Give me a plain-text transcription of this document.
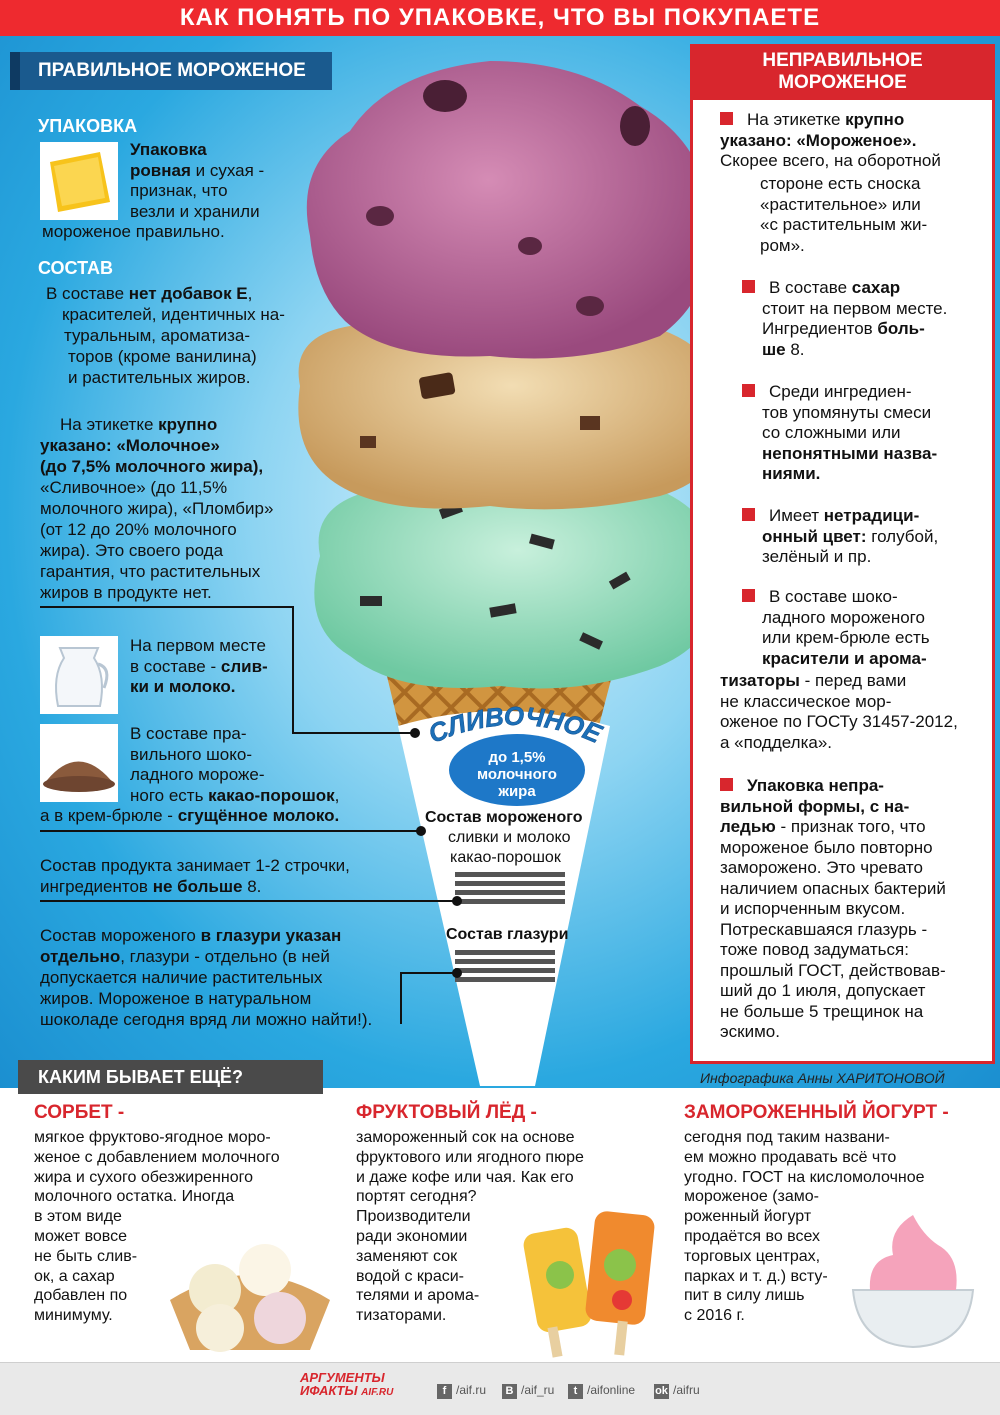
КАК ПОНЯТЬ ПО УПАКОВКЕ, ЧТО ВЫ ПОКУПАЕТЕ
СЛИВОЧНОЕ
до 1,5%
молочного
жира
Состав мороженого
сливки и молоко
какао-порошок
Состав глазури
ПРАВИЛЬНОЕ МОРОЖЕНОЕ
УПАКОВКА
Упаковка
ровная и сухая -
признак, что
везли и хранили
мороженое правильно.
СОСТАВ
В составе нет добавок Е,
красителей, идентичных на-
туральным, ароматиза-
торов (кроме ванилина)
и растительных жиров.
На этикетке крупно
указано: «Молочное»
(до 7,5% молочного жира),
«Сливочное» (до 11,5%
молочного жира), «Пломбир»
(от 12 до 20% молочного
жира). Это своего рода
гарантия, что растительных
жиров в продукте нет.
На первом месте
в составе - слив-
ки и молоко.
В составе пра-
вильного шоко-
ладного мороже-
ного есть какао-порошок,
а в крем-брюле - сгущённое молоко.
Состав продукта занимает 1-2 строчки,
ингредиентов не больше 8.
Состав мороженого в глазури указан
отдельно, глазури - отдельно (в ней
допускается наличие растительных
жиров. Мороженое в натуральном
шоколаде сегодня вряд ли можно найти!).
НЕПРАВИЛЬНОЕ
МОРОЖЕНОЕ
На этикетке крупно
указано: «Мороженое».
Скорее всего, на оборотной
стороне есть сноска
«растительное» или
«с растительным жи-
ром».
В составе сахар
стоит на первом месте.
Ингредиентов боль-
ше 8.
Среди ингредиен-
тов упомянуты смеси
со сложными или
непонятными назва-
ниями.
Имеет нетрадици-
онный цвет: голубой,
зелёный и пр.
В составе шоко-
ладного мороженого
или крем-брюле есть
красители и арома-
тизаторы - перед вами
не классическое мор-
оженое по ГОСТу 31457-2012,
а «подделка».
Упаковка непра-
вильной формы, с на-
ледью - признак того, что
мороженое было повторно
заморожено. Это чревато
наличием опасных бактерий
и испорченным вкусом.
Потрескавшаяся глазурь -
тоже повод задуматься:
прошлый ГОСТ, действовав-
ший до 1 июля, допускает
не больше 5 трещинок на
эскимо.
КАКИМ БЫВАЕТ ЕЩЁ?	Инфографика Анны ХАРИТОНОВОЙ
СОРБЕТ -
мягкое фруктово-ягодное моро-
женое с добавлением молочного
жира и сухого обезжиренного
молочного остатка. Иногда
в этом виде
может вовсе
не быть слив-
ок, а сахар
добавлен по
минимуму.
ФРУКТОВЫЙ ЛЁД -
замороженный сок на основе
фруктового или ягодного пюре
и даже кофе или чая. Как его
портят сегодня?
Производители
ради экономии
заменяют сок
водой с краси-
телями и арома-
тизаторами.
ЗАМОРОЖЕННЫЙ ЙОГУРТ -
сегодня под таким названи-
ем можно продавать всё что
угодно. ГОСТ на кисломолочное
мороженое (замо-
роженный йогурт
продаётся во всех
торговых центрах,
парках и т. д.) всту-
пит в силу лишь
с 2016 г.
АРГУМЕНТЫ
ИФАКТЫ AIF.RU	f /aif.ru	B /aif_ru	t /aifonline ok /aifru
